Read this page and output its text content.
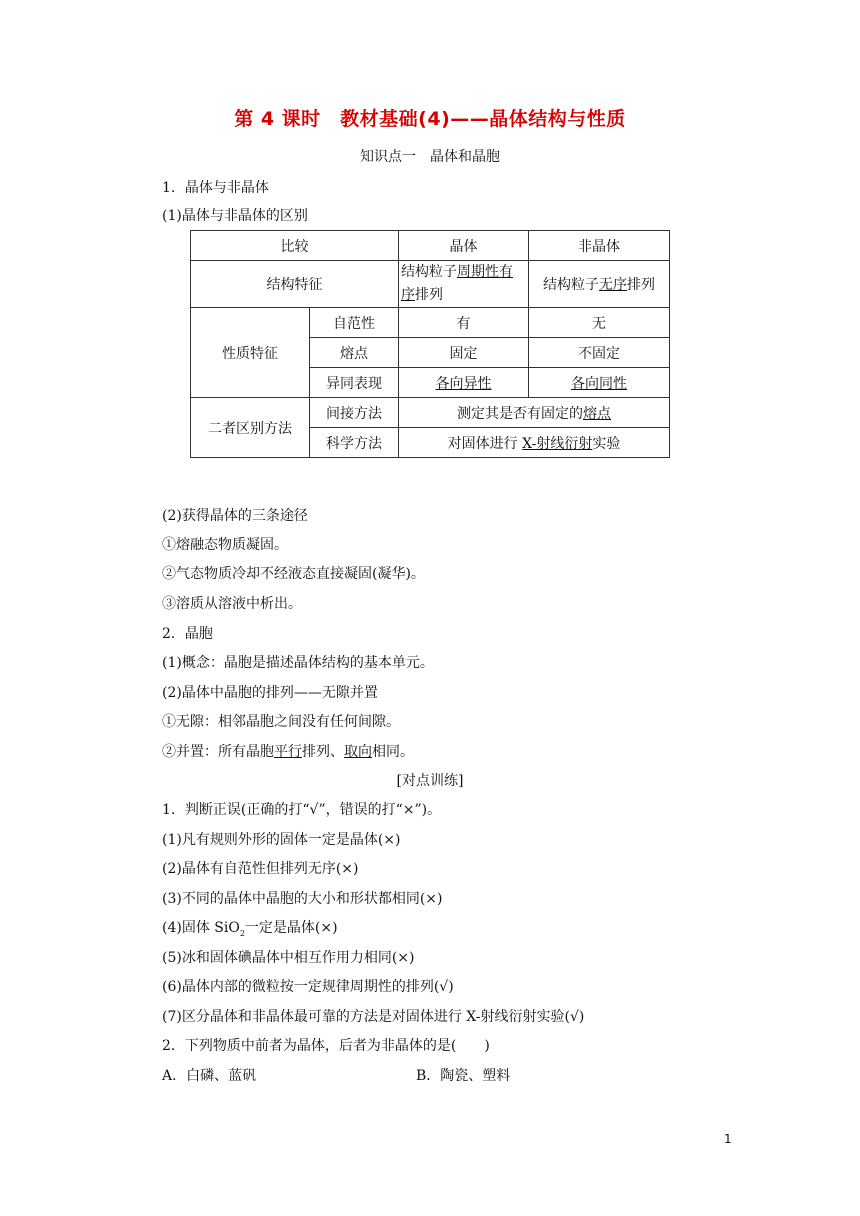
第 4 课时　教材基础(4)——晶体结构与性质
知识点一　晶体和晶胞
1．晶体与非晶体
(1)晶体与非晶体的区别
比较		晶体	非晶体
结构特征		结构粒子周期性有序排列	结构粒子无序排列
性质特征	自范性	有	无
	熔点	固定	不固定
	异同表现	各向异性	各向同性
二者区别方法	间接方法	测定其是否有固定的熔点	
	科学方法	对固体进行 X-射线衍射实验	
(2)获得晶体的三条途径
①熔融态物质凝固。
②气态物质冷却不经液态直接凝固(凝华)。
③溶质从溶液中析出。
2．晶胞
(1)概念：晶胞是描述晶体结构的基本单元。
(2)晶体中晶胞的排列——无隙并置
①无隙：相邻晶胞之间没有任何间隙。
②并置：所有晶胞平行排列、取向相同。
[对点训练]
1．判断正误(正确的打“√”，错误的打“×”)。
(1)凡有规则外形的固体一定是晶体(×)
(2)晶体有自范性但排列无序(×)
(3)不同的晶体中晶胞的大小和形状都相同(×)
(4)固体 SiO$_2$一定是晶体(×)
(5)冰和固体碘晶体中相互作用力相同(×)
(6)晶体内部的微粒按一定规律周期性的排列(√)
(7)区分晶体和非晶体最可靠的方法是对固体进行 X-射线衍射实验(√)
2．下列物质中前者为晶体，后者为非晶体的是(　　)
A．白磷、蓝矾	B．陶瓷、塑料
1
